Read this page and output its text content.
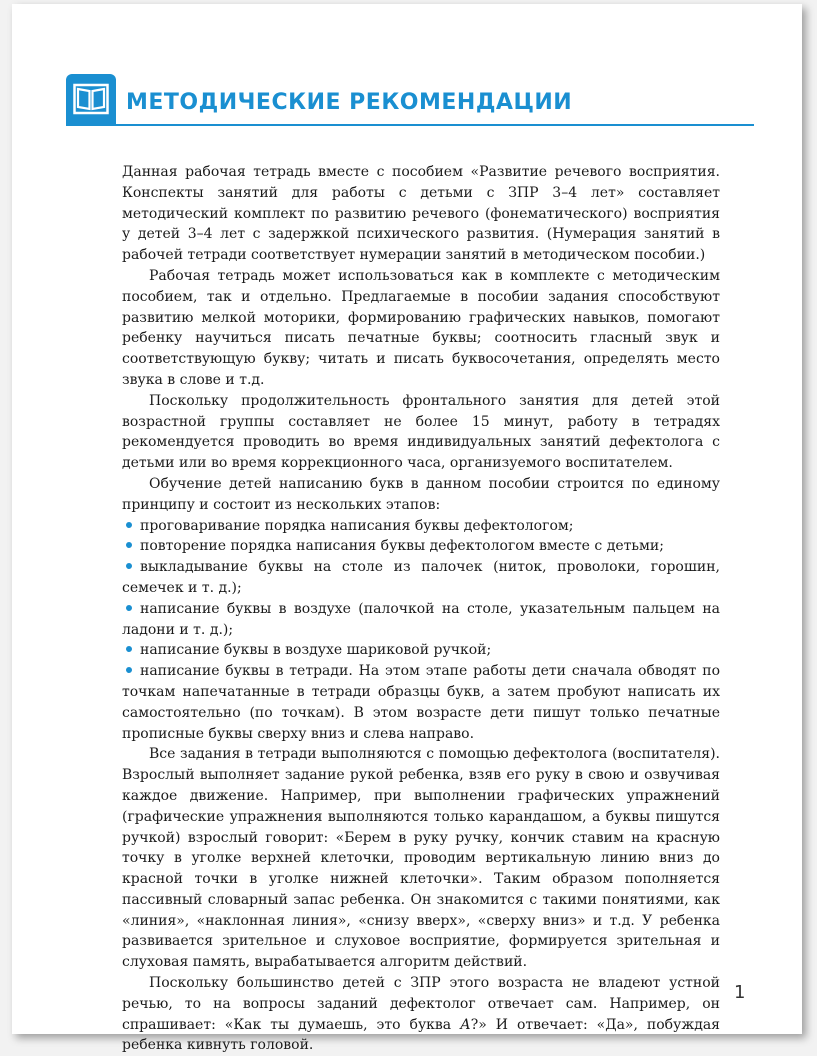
МЕТОДИЧЕСКИЕ РЕКОМЕНДАЦИИ

Данная рабочая тетрадь вместе с пособием «Развитие речевого восприятия. Конспекты занятий для работы с детьми с ЗПР 3–4 лет» составляет методический комплект по развитию речевого (фонематического) восприятия у детей 3–4 лет с задержкой психического развития. (Нумерация занятий в рабочей тетради соответствует нумерации занятий в методическом пособии.)

Рабочая тетрадь может использоваться как в комплекте с методическим пособием, так и отдельно. Предлагаемые в пособии задания способствуют развитию мелкой моторики, формированию графических навыков, помогают ребенку научиться писать печатные буквы; соотносить гласный звук и соответствующую букву; читать и писать буквосочетания, определять место звука в слове и т.д.

Поскольку продолжительность фронтального занятия для детей этой возрастной группы составляет не более 15 минут, работу в тетрадях рекомендуется проводить во время индивидуальных занятий дефектолога с детьми или во время коррекционного часа, организуемого воспитателем.

Обучение детей написанию букв в данном пособии строится по единому принципу и состоит из нескольких этапов:

проговаривание порядка написания буквы дефектологом;
повторение порядка написания буквы дефектологом вместе с детьми;
выкладывание буквы на столе из палочек (ниток, проволоки, горошин, семечек и т. д.);
написание буквы в воздухе (палочкой на столе, указательным пальцем на ладони и т. д.);
написание буквы в воздухе шариковой ручкой;
написание буквы в тетради. На этом этапе работы дети сначала обводят по точкам напечатанные в тетради образцы букв, а затем пробуют написать их самостоятельно (по точкам). В этом возрасте дети пишут только печатные прописные буквы сверху вниз и слева направо.

Все задания в тетради выполняются с помощью дефектолога (воспитателя). Взрослый выполняет задание рукой ребенка, взяв его руку в свою и озвучивая каждое движение. Например, при выполнении графических упражнений (графические упражнения выполняются только карандашом, а буквы пишутся ручкой) взрослый говорит: «Берем в руку ручку, кончик ставим на красную точку в уголке верхней клеточки, проводим вертикальную линию вниз до красной точки в уголке нижней клеточки». Таким образом пополняется пассивный словарный запас ребенка. Он знакомится с такими понятиями, как «линия», «наклонная линия», «снизу вверх», «сверху вниз» и т.д. У ребенка развивается зрительное и слуховое восприятие, формируется зрительная и слуховая память, вырабатывается алгоритм действий.

Поскольку большинство детей с ЗПР этого возраста не владеют устной речью, то на вопросы заданий дефектолог отвечает сам. Например, он спрашивает: «Как ты думаешь, это буква А?» И отвечает: «Да», побуждая ребенка кивнуть головой.

1
